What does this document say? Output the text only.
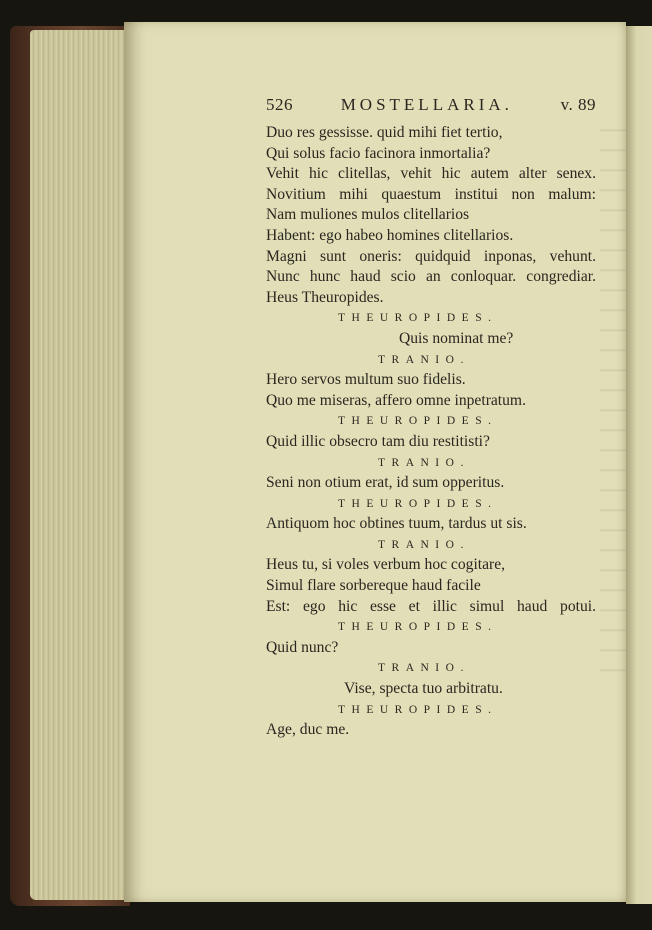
526	MOSTELLARIA.	v. 89
Duo res gessisse. quid mihi fiet tertio,
Qui solus facio facinora inmortalia?
Vehit hic clitellas, vehit hic autem alter senex.
Novitium mihi quaestum institui non malum:
Nam muliones mulos clitellarios
Habent: ego habeo homines clitellarios.
Magni sunt oneris: quidquid inponas, vehunt.
Nunc hunc haud scio an conloquar. congrediar.
Heus Theuropides.
THEUROPIDES.
Quis nominat me?
TRANIO.
Hero servos multum suo fidelis.
Quo me miseras, affero omne inpetratum.
THEUROPIDES.
Quid illic obsecro tam diu restitisti?
TRANIO.
Seni non otium erat, id sum opperitus.
THEUROPIDES.
Antiquom hoc obtines tuum, tardus ut sis.
TRANIO.
Heus tu, si voles verbum hoc cogitare,
Simul flare sorbereque haud facile
Est: ego hic esse et illic simul haud potui.
THEUROPIDES.
Quid nunc?
TRANIO.
Vise, specta tuo arbitratu.
THEUROPIDES.
Age, duc me.
